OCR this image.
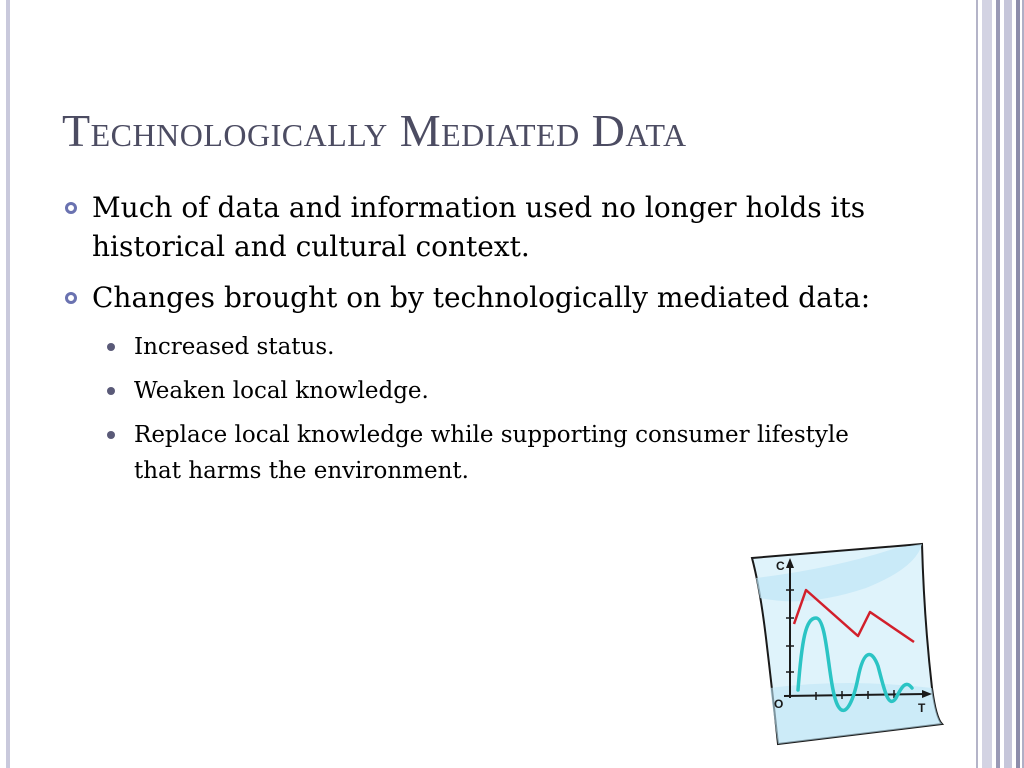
Technologically Mediated Data
Much of data and information used no longer holds its historical and cultural context.
Changes brought on by technologically mediated data:
Increased status.
Weaken local knowledge.
Replace local knowledge while supporting consumer lifestyle that harms the environment.
C
T
O
